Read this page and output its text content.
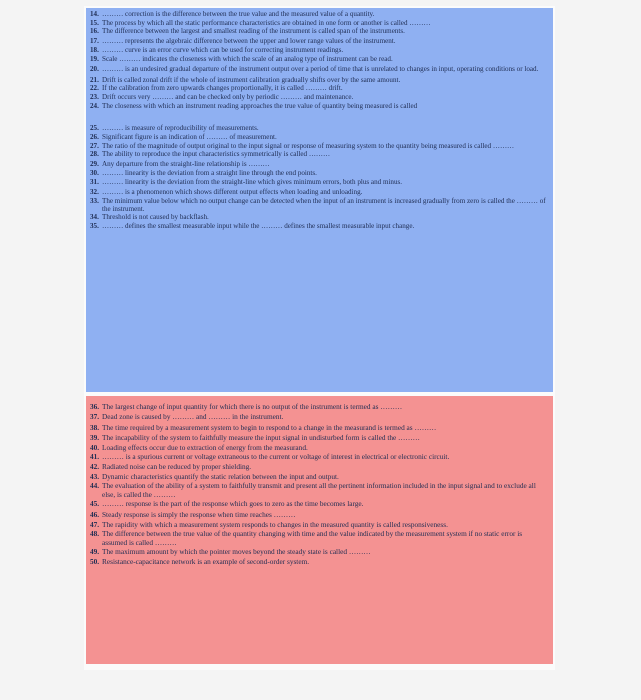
14. ……… correction is the difference between the true value and the measured value of a quantity.
15. The process by which all the static performance characteristics are obtained in one form or another is called ………
16. The difference between the largest and smallest reading of the instrument is called span of the instruments.
17. ……… represents the algebraic difference between the upper and lower range values of the instrument.
18. ……… curve is an error curve which can be used for correcting instrument readings.
19. Scale ……… indicates the closeness with which the scale of an analog type of instrument can be read.
20. ……… is an undesired gradual departure of the instrument output over a period of time that is unrelated to changes in input, operating conditions or load.
21. Drift is called zonal drift if the whole of instrument calibration gradually shifts over by the same amount.
22. If the calibration from zero upwards changes proportionally, it is called ……… drift.
23. Drift occurs very ……… and can be checked only by periodic ……… and maintenance.
24. The closeness with which an instrument reading approaches the true value of quantity being measured is called
25. ……… is measure of reproducibility of measurements.
26. Significant figure is an indication of ……… of measurement.
27. The ratio of the magnitude of output original to the input signal or response of measuring system to the quantity being measured is called ………
28. The ability to reproduce the input characteristics symmetrically is called ………
29. Any departure from the straight-line relationship is ………
30. ……… linearity is the deviation from a straight line through the end points.
31. ……… linearity is the deviation from the straight-line which gives minimum errors, both plus and minus.
32. ……… is a phenomenon which shows different output effects when loading and unloading.
33. The minimum value below which no output change can be detected when the input of an instrument is increased gradually from zero is called the ……… of the instrument.
34. Threshold is not caused by backflash.
35. ……… defines the smallest measurable input while the ……… defines the smallest measurable input change.
36. The largest change of input quantity for which there is no output of the instrument is termed as ………
37. Dead zone is caused by ……… and ……… in the instrument.
38. The time required by a measurement system to begin to respond to a change in the measurand is termed as ………
39. The incapability of the system to faithfully measure the input signal in undisturbed form is called the ………
40. Loading effects occur due to extraction of energy from the measurand.
41. ……… is a spurious current or voltage extraneous to the current or voltage of interest in electrical or electronic circuit.
42. Radiated noise can be reduced by proper shielding.
43. Dynamic characteristics quantify the static relation between the input and output.
44. The evaluation of the ability of a system to faithfully transmit and present all the pertinent information included in the input signal and to exclude all else, is called the ………
45. ……… response is the part of the response which goes to zero as the time becomes large.
46. Steady response is simply the response when time reaches ………
47. The rapidity with which a measurement system responds to changes in the measured quantity is called responsiveness.
48. The difference between the true value of the quantity changing with time and the value indicated by the measurement system if no static error is assumed is called ………
49. The maximum amount by which the pointer moves beyond the steady state is called ………
50. Resistance-capacitance network is an example of second-order system.
